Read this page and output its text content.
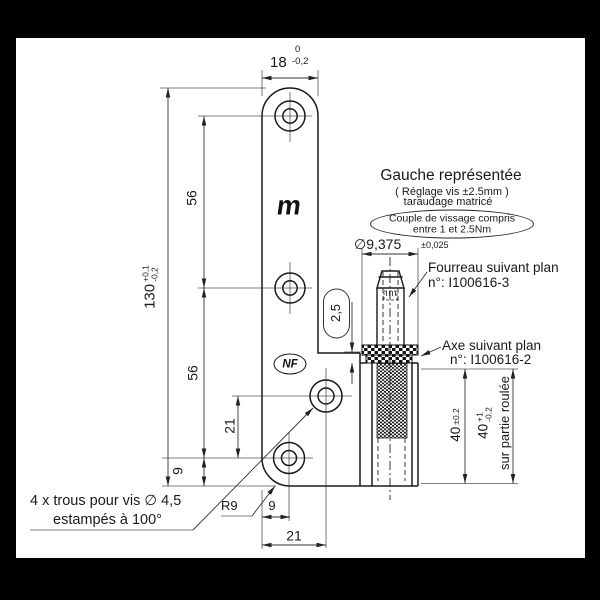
18
0
-0,2
130
+0,1
-0,2
56
56
21
9
2,5
9
21
R9
∅9,375 ±0,025
Gauche représentée
( Réglage vis ±2.5mm )
taraudage matricé
Couple de vissage compris
entre 1 et 2.5Nm
Fourreau suivant plan
n°: I100616-3
Axe suivant plan
n°: I100616-2
40
±0.2
40
+1
-0.2 sur partie roulée
4 x trous pour vis ∅ 4,5
estampés à 100°
NF
m
